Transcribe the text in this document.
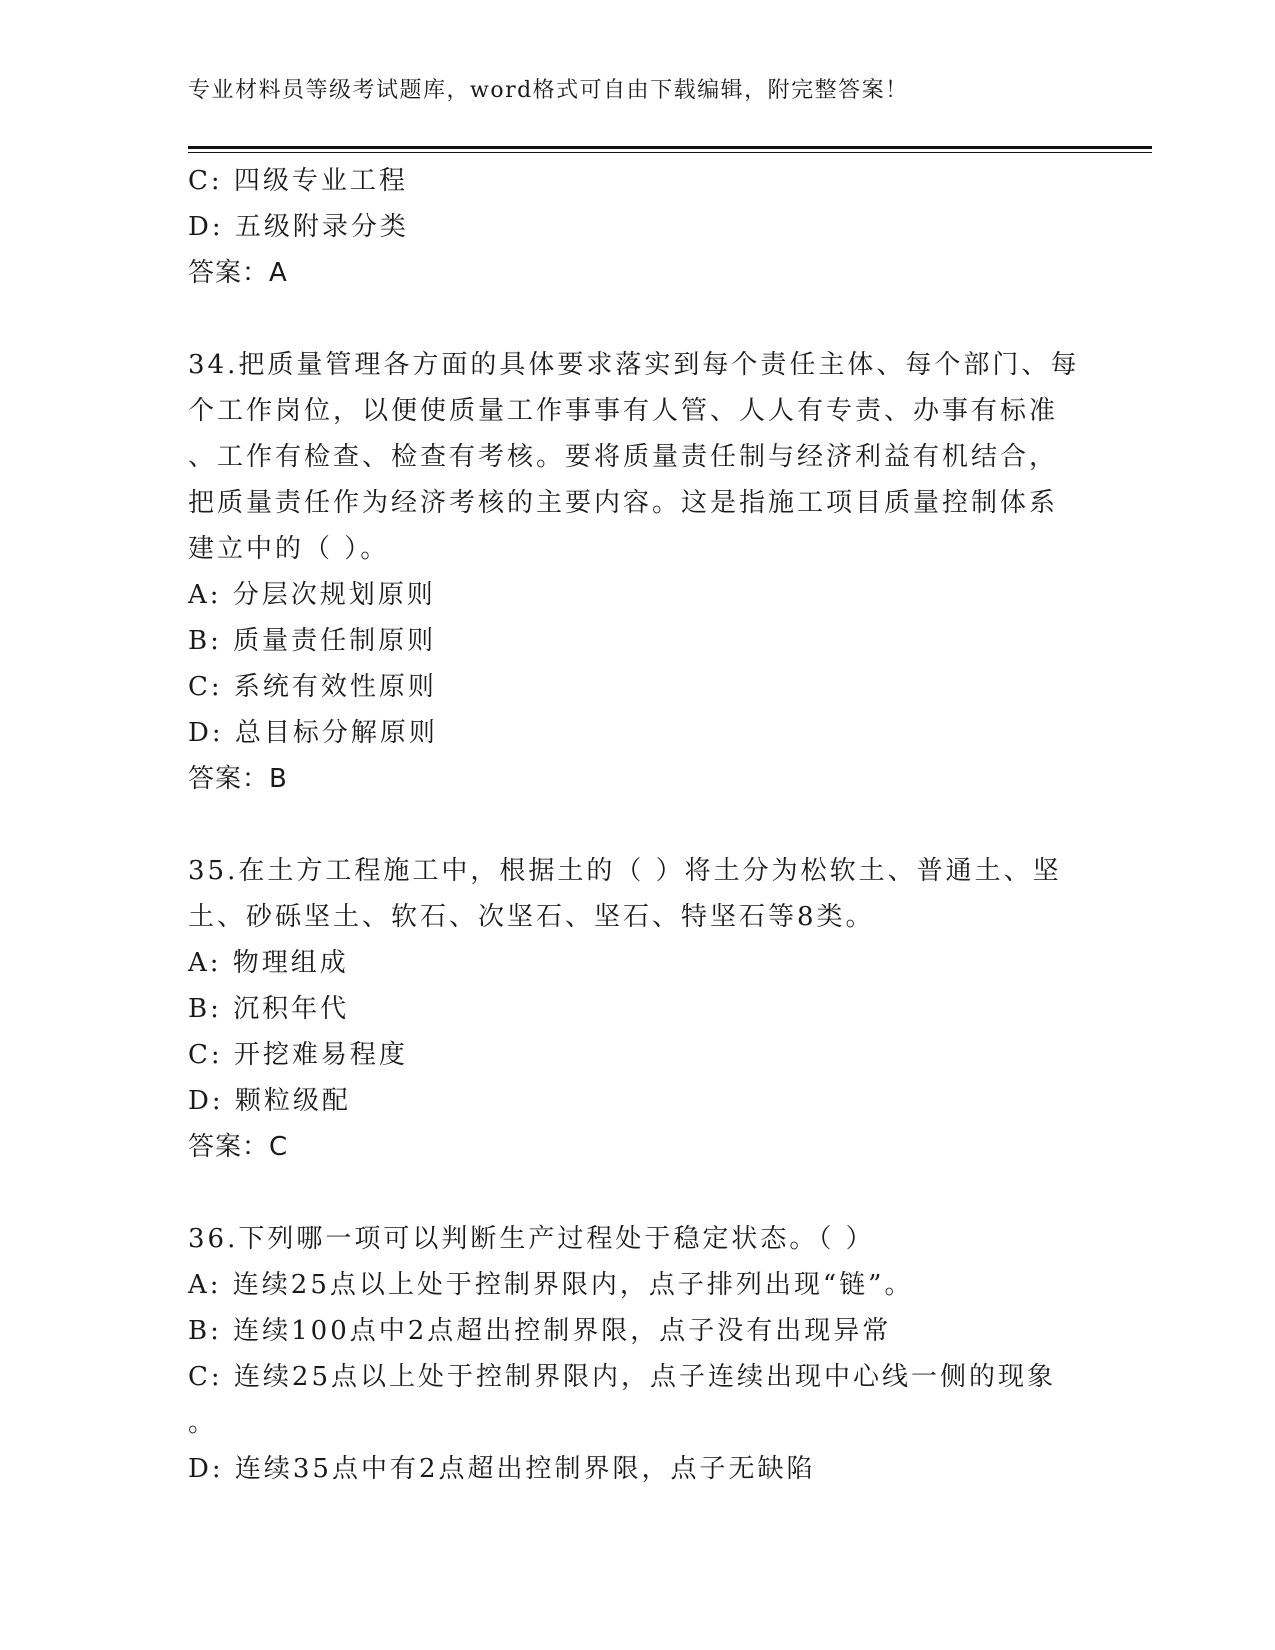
专业材料员等级考试题库，word格式可自由下载编辑，附完整答案！
C: 四级专业工程
D: 五级附录分类
答案：A
34.把质量管理各方面的具体要求落实到每个责任主体、每个部门、每
个工作岗位，以便使质量工作事事有人管、人人有专责、办事有标准
、工作有检查、检查有考核。要将质量责任制与经济利益有机结合，
把质量责任作为经济考核的主要内容。这是指施工项目质量控制体系
建立中的（ ）。
A: 分层次规划原则
B: 质量责任制原则
C: 系统有效性原则
D: 总目标分解原则
答案：B
35.在土方工程施工中，根据土的（ ）将土分为松软土、普通土、坚
土、砂砾坚土、软石、次坚石、坚石、特坚石等8类。
A: 物理组成
B: 沉积年代
C: 开挖难易程度
D: 颗粒级配
答案：C
36.下列哪一项可以判断生产过程处于稳定状态。（ ）
A: 连续25点以上处于控制界限内，点子排列出现“链”。
B: 连续100点中2点超出控制界限，点子没有出现异常
C: 连续25点以上处于控制界限内，点子连续出现中心线一侧的现象
。
D: 连续35点中有2点超出控制界限，点子无缺陷
